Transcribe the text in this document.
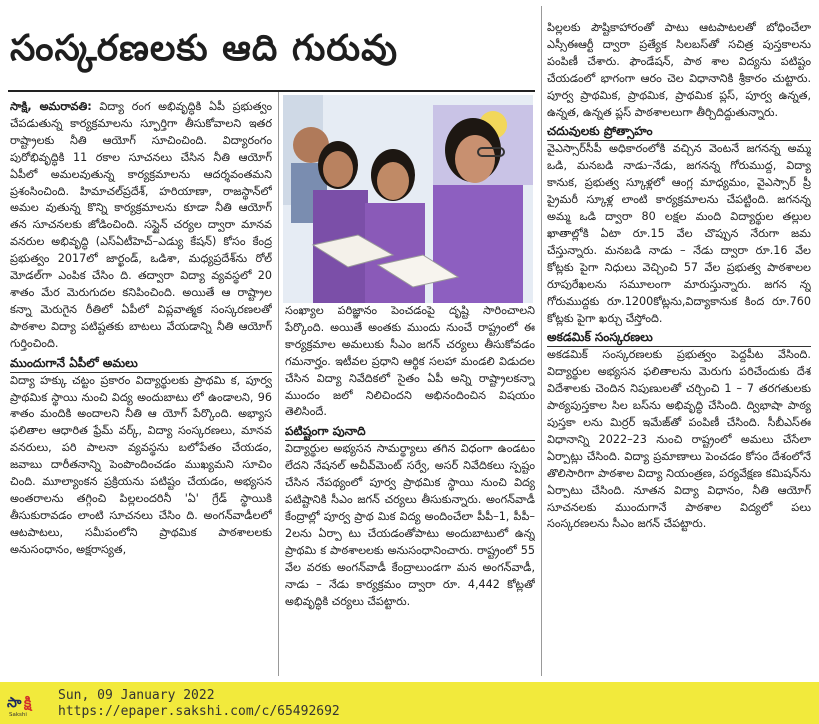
సంస్కరణలకు ఆది గురువు

సాక్షి, అమరావతి: విద్యా రంగ అభివృద్ధికి ఏపీ ప్రభుత్వం చేపడుతున్న కార్యక్రమాలను స్ఫూర్తిగా తీసుకోవాలని ఇతర రాష్ట్రాలకు నీతి ఆయోగ్ సూచించింది. విద్యారంగం పురోభివృద్ధికి 11 రకాల సూచనలు చేసిన నీతి ఆయోగ్ ఏపీలో అమలవుతున్న కార్యక్రమాలను ఆదర్శవంతమని ప్రశంసించింది. హిమాచల్‌ప్రదేశ్, హరియాణా, రాజస్థాన్‌లో అమల వుతున్న కొన్ని కార్యక్రమాలను కూడా నీతి ఆయోగ్ తన సూచనలకు జోడించింది. సస్టైన్ చర్యల ద్వారా మానవ వనరుల అభివృద్ధి (ఎస్ఏటీహెచ్–ఎడ్యు కేషన్) కోసం కేంద్ర ప్రభుత్వం 2017లో జార్ఖండ్, ఒడిశా, మధ్యప్రదేశ్‌ను రోల్ మోడల్‌గా ఎంపిక చేసిం ది. తద్వారా విద్యా వ్యవస్థలో 20 శాతం మేర మెరుగుదల కనిపించింది. అయితే ఆ రాష్ట్రాల కన్నా మెరుగైన రీతిలో ఏపీలో విప్లవాత్మక సంస్కరణలతో పాఠశాల విద్యా పటిష్టతకు బాటలు వేయడాన్ని నీతి ఆయోగ్ గుర్తించింది.

ముందుగానే ఏపీలో అమలు

విద్యా హక్కు చట్టం ప్రకారం విద్యార్థులకు ప్రాథమి క, పూర్వ ప్రాథమిక స్థాయి నుంచి విద్య అందుబాటు లో ఉండాలని, 96 శాతం మందికి అందాలని నీతి ఆ యోగ్ పేర్కొంది. అభ్యాస ఫలితాల ఆధారిత ఫ్రేమ్ వర్క్, విద్యా సంస్కరణలు, మానవ వనరులు, పరి పాలనా వ్యవస్థను బలోపేతం చేయడం, జవాబు దారీతనాన్ని పెంపొందించడం ముఖ్యమని సూచిం చింది. మూల్యాంకన ప్రక్రియను పటిష్టం చేయడం, అభ్యసన అంతరాలను తగ్గించి పిల్లలందరినీ 'ఏ' గ్రేడ్ స్థాయికి తీసుకురావడం లాంటి సూచనలు చేసిం ది. అంగన్‌వాడీలలో ఆటపాటలు, సమీపంలోని ప్రాథమిక పాఠశాలలకు అనుసంధానం, అక్షరాస్యత,

సంఖ్యాల పరిజ్ఞానం పెంచడంపై దృష్టి సారించాలని పేర్కొంది. అయితే అంతకు ముందు నుంచే రాష్ట్రంలో ఈ కార్యక్రమాల అమలుకు సీఎం జగన్ చర్యలు తీసుకోవడం గమనార్హం. ఇటీవల ప్రధాని ఆర్థిక సలహా మండలి విడుదల చేసిన విద్యా నివేదికలో సైతం ఏపీ అన్ని రాష్ట్రాలకన్నా ముందం జలో నిలిచిందని అభినందించిన విషయం తెలిసిందే.

పటిష్టంగా పునాది

విద్యార్థుల అభ్యసన సామర్థ్యాలు తగిన విధంగా ఉండటం లేదని నేషనల్ అచీవ్‌మెంట్ సర్వే, అసర్ నివేదికలు స్పష్టం చేసిన నేపథ్యంలో పూర్వ ప్రాథమిక స్థాయి నుంచి విద్య పటిష్టానికి సీఎం జగన్ చర్యలు తీసుకున్నారు. అంగన్‌వాడీ కేంద్రాల్లో పూర్వ ప్రాథ మిక విద్య అందించేలా పీపీ–1, పీపీ–2లను ఏర్పా టు చేయడంతోపాటు అందుబాటులో ఉన్న ప్రాథమి క పాఠశాలలకు అనుసంధానించారు. రాష్ట్రంలో 55 వేల వరకు అంగన్‌వాడీ కేంద్రాలుండగా మన అంగన్‌వాడీ, నాడు – నేడు కార్యక్రమం ద్వారా రూ. 4,442 కోట్లతో అభివృద్ధికి చర్యలు చేపట్టారు.

పిల్లలకు పౌష్టికాహారంతో పాటు ఆటపాటలతో బోధించేలా ఎస్సీఈఆర్టీ ద్వారా ప్రత్యేక సిలబస్‌తో సచిత్ర పుస్తకాలను పంపిణీ చేశారు. ఫౌండేషన్, పాఠ శాల విద్యను పటిష్టం చేయడంలో భాగంగా ఆరం చెల విధానానికి శ్రీకారం చుట్టారు. పూర్వ ప్రాథమిక, ప్రాథమిక, ప్రాథమిక ప్లస్, పూర్వ ఉన్నత, ఉన్నత, ఉన్నత ప్లస్ పాఠశాలలుగా తీర్చిదిద్దుతున్నారు.

చదువులకు ప్రోత్సాహం

వైఎస్సార్‌సీపీ అధికారంలోకి వచ్చిన వెంటనే జగనన్న అమ్మ ఒడి, మనబడి నాడు–నేడు, జగనన్న గోరుముద్ద, విద్యా కానుక, ప్రభుత్వ స్కూళ్లలో ఆంగ్ల మాధ్యమం, వైఎస్సార్ ప్రీ ప్రైమరీ స్కూళ్ల లాంటి కార్యక్రమాలను చేపట్టింది. జగనన్న అమ్మ ఒడి ద్వారా 80 లక్షల మంది విద్యార్థుల తల్లుల ఖాతాల్లోకి ఏటా రూ.15 వేల చొప్పున నేరుగా జమ చేస్తున్నారు. మనబడి నాడు – నేడు ద్వారా రూ.16 వేల కోట్లకు పైగా నిధులు వెచ్చించి 57 వేల ప్రభుత్వ పాఠశాలల రూపురేఖలను సమూలంగా మారుస్తున్నారు. జగన న్న గోరుముద్దకు రూ.1200కోట్లను,విద్యాకానుక కింద రూ.760 కోట్లకు పైగా ఖర్చు చేస్తోంది.

అకడమిక్ సంస్కరణలు

అకడమిక్ సంస్కరణలకు ప్రభుత్వం పెద్దపీట వేసింది. విద్యార్థుల అభ్యసన ఫలితాలను మెరుగు పరిచేందుకు దేశ విదేశాలకు చెందిన నిపుణులతో చర్చించి 1 – 7 తరగతులకు పాఠ్యపుస్తకాల సిల బస్‌ను అభివృద్ధి చేసింది. ద్విభాషా పాఠ్య పుస్తకా లను మిర్రర్ ఇమేజ్‌తో పంపిణీ చేసింది. సీబీఎస్ఈ విధానాన్ని 2022–23 నుంచి రాష్ట్రంలో అమలు చేసేలా ఏర్పాట్లు చేసింది. విద్యా ప్రమాణాలు పెంచడం కోసం దేశంలోనే తొలిసారిగా పాఠశాల విద్యా నియంత్రణ, పర్యవేక్షణ కమిషన్‌ను ఏర్పాటు చేసింది. నూతన విద్యా విధానం, నీతి ఆయోగ్ సూచనలకు ముందుగానే పాఠశాల విద్యలో పలు సంస్కరణలను సీఎం జగన్ చేపట్టారు.

సా క్షి
Sakshi
Sun, 09 January 2022
https://epaper.sakshi.com/c/65492692
